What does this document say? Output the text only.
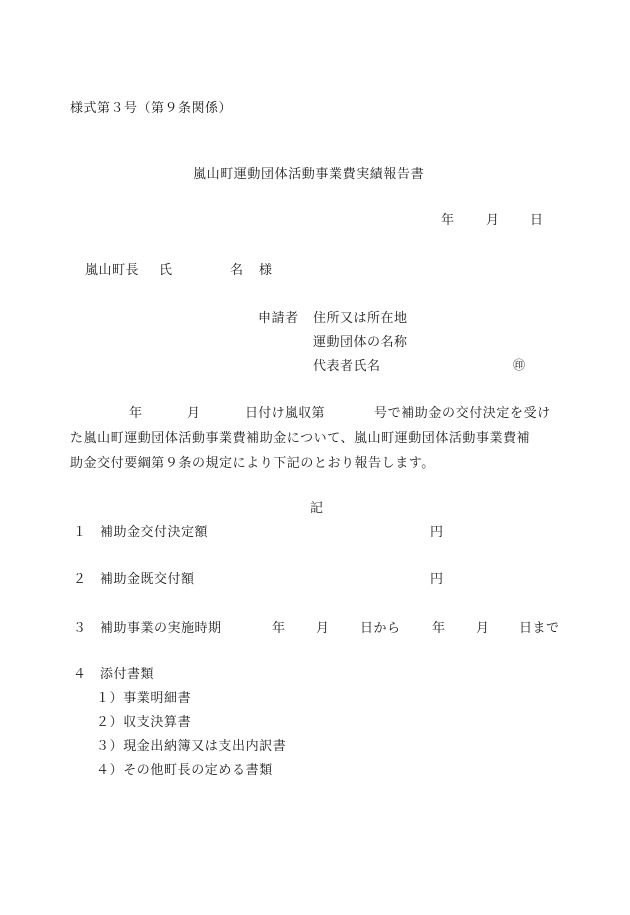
様式第３号（第９条関係）
嵐山町運動団体活動事業費実績報告書
年 月 日
嵐山町長 氏	名 様
申請者 住所又は所在地
運動団体の名称
代表者氏名	㊞
年	月	日付け嵐収第	号で補助金の交付決定を受け
た嵐山町運動団体活動事業費補助金について、嵐山町運動団体活動事業費補
助金交付要綱第９条の規定により下記のとおり報告します。
記
１ 補助金交付決定額	円
２ 補助金既交付額	円
３ 補助事業の実施時期	年 月 日から 年 月 日まで
４ 添付書類
１）事業明細書
２）収支決算書
３）現金出納簿又は支出内訳書
４）その他町長の定める書類
